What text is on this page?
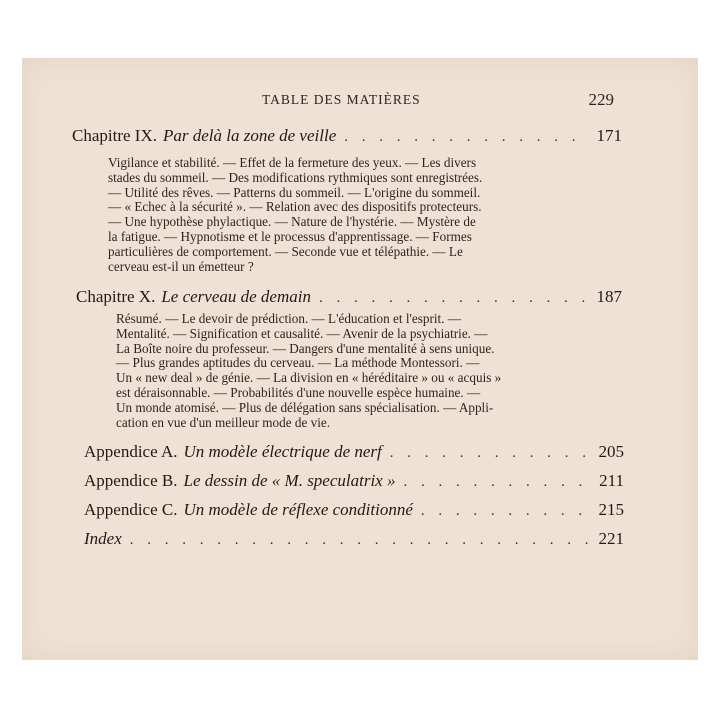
TABLE DES MATIÈRES	229
Chapitre IX. Par delà la zone de veille . . .	171
Vigilance et stabilité. — Effet de la fermeture des yeux. — Les divers
stades du sommeil. — Des modifications rythmiques sont enregistrées.
— Utilité des rêves. — Patterns du sommeil. — L'origine du sommeil.
— « Echec à la sécurité ». — Relation avec des dispositifs protecteurs.
— Une hypothèse phylactique. — Nature de l'hystérie. — Mystère de
la fatigue. — Hypnotisme et le processus d'apprentissage. — Formes
particulières de comportement. — Seconde vue et télépathie. — Le
cerveau est-il un émetteur ?
Chapitre X. Le cerveau de demain . . .	187
Résumé. — Le devoir de prédiction. — L'éducation et l'esprit. —
Mentalité. — Signification et causalité. — Avenir de la psychiatrie. —
La Boîte noire du professeur. — Dangers d'une mentalité à sens unique.
— Plus grandes aptitudes du cerveau. — La méthode Montessori. —
Un « new deal » de génie. — La division en « héréditaire » ou « acquis »
est déraisonnable. — Probabilités d'une nouvelle espèce humaine. —
Un monde atomisé. — Plus de délégation sans spécialisation. — Appli-
cation en vue d'un meilleur mode de vie.
Appendice A. Un modèle électrique de nerf . . .	205
Appendice B. Le dessin de « M. speculatrix » . . .	211
Appendice C. Un modèle de réflexe conditionné . . .	215
Index . . .	221
